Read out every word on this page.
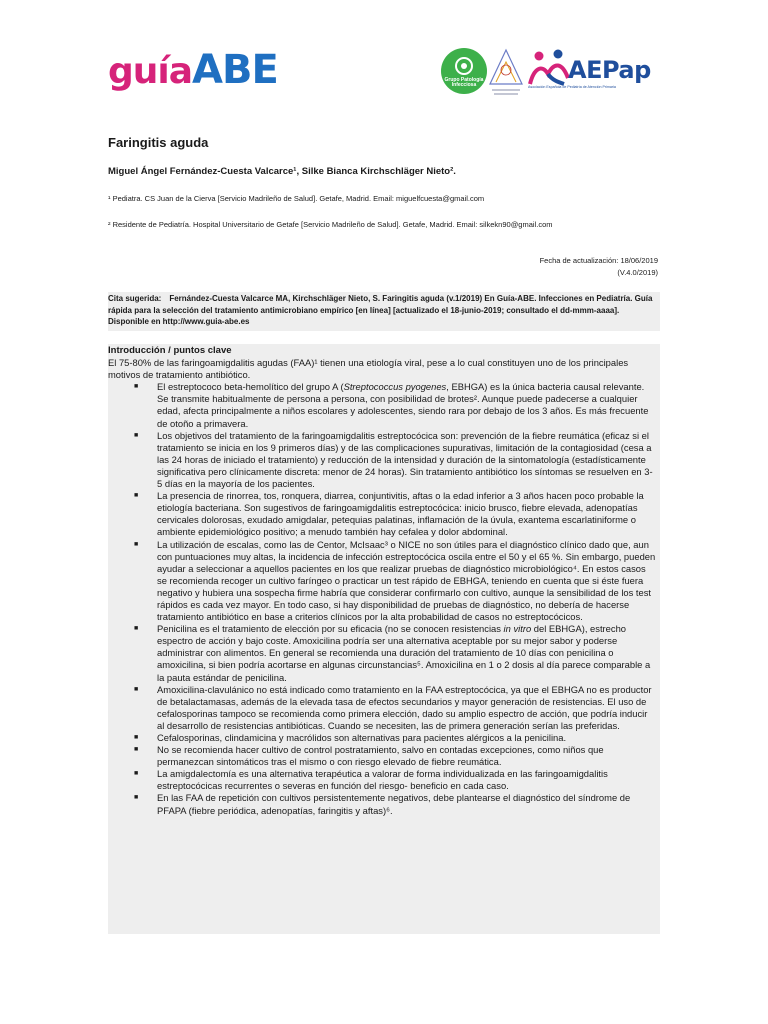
guíaABE	Grupo Patología Infecciosa
AEPap
Asociación Española de Pediatría de Atención Primaria
Faringitis aguda
Miguel Ángel Fernández-Cuesta Valcarce¹, Silke Bianca Kirchschläger Nieto².
¹ Pediatra. CS Juan de la Cierva [Servicio Madrileño de Salud]. Getafe, Madrid. Email: miguelfcuesta@gmail.com
² Residente de Pediatría. Hospital Universitario de Getafe [Servicio Madrileño de Salud]. Getafe, Madrid. Email: silkekn90@gmail.com
Fecha de actualización: 18/06/2019
(V.4.0/2019)
Cita sugerida: Fernández-Cuesta Valcarce MA, Kirchschläger Nieto, S. Faringitis aguda (v.1/2019) En Guía-ABE. Infecciones en Pediatría. Guía rápida para la selección del tratamiento antimicrobiano empírico [en línea] [actualizado el 18-junio-2019; consultado el dd-mmm-aaaa]. Disponible en http://www.guia-abe.es
Introducción / puntos clave

El 75-80% de las faringoamigdalitis agudas (FAA)¹ tienen una etiología viral, pese a lo cual constituyen uno de los principales motivos de tratamiento antibiótico.

■ El estreptococo beta-hemolítico del grupo A (Streptococcus pyogenes, EBHGA) es la única bacteria causal relevante. Se transmite habitualmente de persona a persona, con posibilidad de brotes². Aunque puede padecerse a cualquier edad, afecta principalmente a niños escolares y adolescentes, siendo rara por debajo de los 3 años. Es más frecuente de otoño a primavera.
■ Los objetivos del tratamiento de la faringoamigdalitis estreptocócica son: prevención de la fiebre reumática (eficaz si el tratamiento se inicia en los 9 primeros días) y de las complicaciones supurativas, limitación de la contagiosidad (cesa a las 24 horas de iniciado el tratamiento) y reducción de la intensidad y duración de la sintomatología (estadísticamente significativa pero clínicamente discreta: menor de 24 horas). Sin tratamiento antibiótico los síntomas se resuelven en 3-5 días en la mayoría de los pacientes.
■ La presencia de rinorrea, tos, ronquera, diarrea, conjuntivitis, aftas o la edad inferior a 3 años hacen poco probable la etiología bacteriana. Son sugestivos de faringoamigdalitis estreptocócica: inicio brusco, fiebre elevada, adenopatías cervicales dolorosas, exudado amigdalar, petequias palatinas, inflamación de la úvula, exantema escarlatiniforme o ambiente epidemiológico positivo; a menudo también hay cefalea y dolor abdominal.
■ La utilización de escalas, como las de Centor, McIsaac³ o NICE no son útiles para el diagnóstico clínico dado que, aun con puntuaciones muy altas, la incidencia de infección estreptocócica oscila entre el 50 y el 65 %. Sin embargo, pueden ayudar a seleccionar a aquellos pacientes en los que realizar pruebas de diagnóstico microbiológico⁴. En estos casos se recomienda recoger un cultivo faríngeo o practicar un test rápido de EBHGA, teniendo en cuenta que si éste fuera negativo y hubiera una sospecha firme habría que considerar confirmarlo con cultivo, aunque la sensibilidad de los test rápidos es cada vez mayor. En todo caso, si hay disponibilidad de pruebas de diagnóstico, no debería de hacerse tratamiento antibiótico en base a criterios clínicos por la alta probabilidad de casos no estreptocócicos.
■ Penicilina es el tratamiento de elección por su eficacia (no se conocen resistencias in vitro del EBHGA), estrecho espectro de acción y bajo coste. Amoxicilina podría ser una alternativa aceptable por su mejor sabor y poderse administrar con alimentos. En general se recomienda una duración del tratamiento de 10 días con penicilina o amoxicilina, si bien podría acortarse en algunas circunstancias⁵. Amoxicilina en 1 o 2 dosis al día parece comparable a la pauta estándar de penicilina.
■ Amoxicilina-clavulánico no está indicado como tratamiento en la FAA estreptocócica, ya que el EBHGA no es productor de betalactamasas, además de la elevada tasa de efectos secundarios y mayor generación de resistencias. El uso de cefalosporinas tampoco se recomienda como primera elección, dado su amplio espectro de acción, que podría inducir al desarrollo de resistencias antibióticas. Cuando se necesiten, las de primera generación serían las preferidas.
■ Cefalosporinas, clindamicina y macrólidos son alternativas para pacientes alérgicos a la penicilina.
■ No se recomienda hacer cultivo de control postratamiento, salvo en contadas excepciones, como niños que permanezcan sintomáticos tras el mismo o con riesgo elevado de fiebre reumática.
■ La amigdalectomía es una alternativa terapéutica a valorar de forma individualizada en las faringoamigdalitis estreptocócicas recurrentes o severas en función del riesgo- beneficio en cada caso.
■ En las FAA de repetición con cultivos persistentemente negativos, debe plantearse el diagnóstico del síndrome de PFAPA (fiebre periódica, adenopatías, faringitis y aftas)⁶.
